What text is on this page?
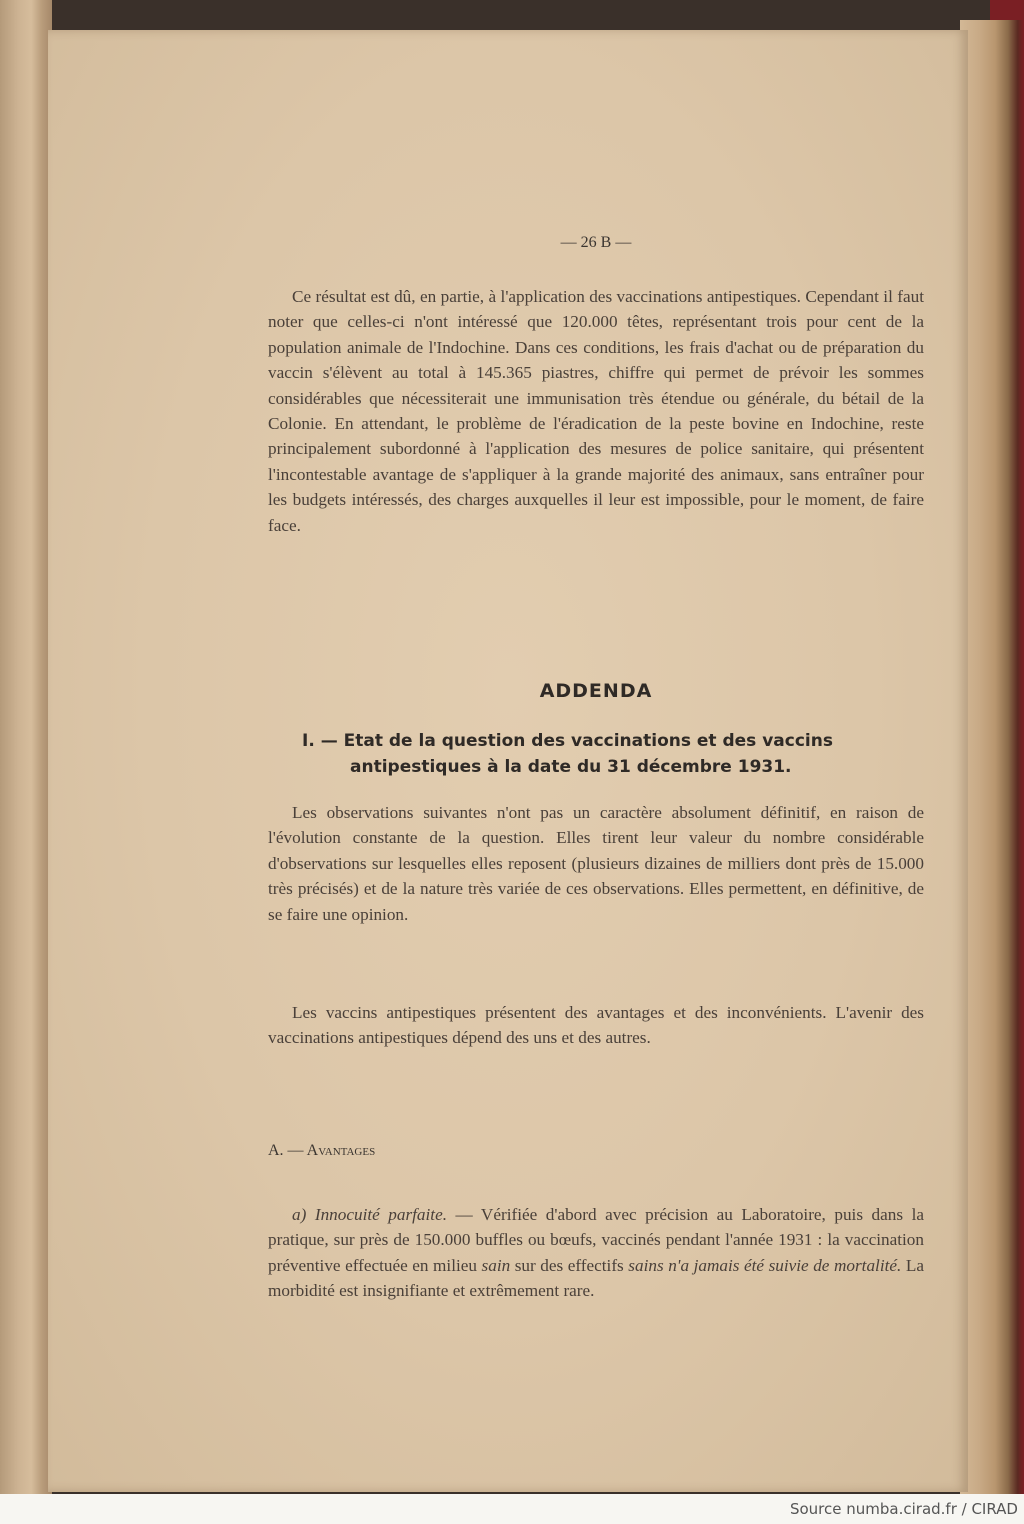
— 26 B —

Ce résultat est dû, en partie, à l'application des vaccinations antipestiques. Cependant il faut noter que celles-ci n'ont intéressé que 120.000 têtes, représentant trois pour cent de la population animale de l'Indochine. Dans ces conditions, les frais d'achat ou de préparation du vaccin s'élèvent au total à 145.365 piastres, chiffre qui permet de prévoir les sommes considérables que nécessiterait une immunisation très étendue ou générale, du bétail de la Colonie. En attendant, le problème de l'éradication de la peste bovine en Indochine, reste principalement subordonné à l'application des mesures de police sanitaire, qui présentent l'incontestable avantage de s'appliquer à la grande majorité des animaux, sans entraîner pour les budgets intéressés, des charges auxquelles il leur est impossible, pour le moment, de faire face.

ADDENDA
I. — Etat de la question des vaccinations et des vaccins
antipestiques à la date du 31 décembre 1931.

Les observations suivantes n'ont pas un caractère absolument définitif, en raison de l'évolution constante de la question. Elles tirent leur valeur du nombre considérable d'observations sur lesquelles elles reposent (plusieurs dizaines de milliers dont près de 15.000 très précisés) et de la nature très variée de ces observations. Elles permettent, en définitive, de se faire une opinion.

Les vaccins antipestiques présentent des avantages et des inconvénients. L'avenir des vaccinations antipestiques dépend des uns et des autres.

A. — Avantages

a) Innocuité parfaite. — Vérifiée d'abord avec précision au Laboratoire, puis dans la pratique, sur près de 150.000 buffles ou bœufs, vaccinés pendant l'année 1931 : la vaccination préventive effectuée en milieu sain sur des effectifs sains n'a jamais été suivie de mortalité. La morbidité est insignifiante et extrêmement rare.

Source numba.cirad.fr / CIRAD
